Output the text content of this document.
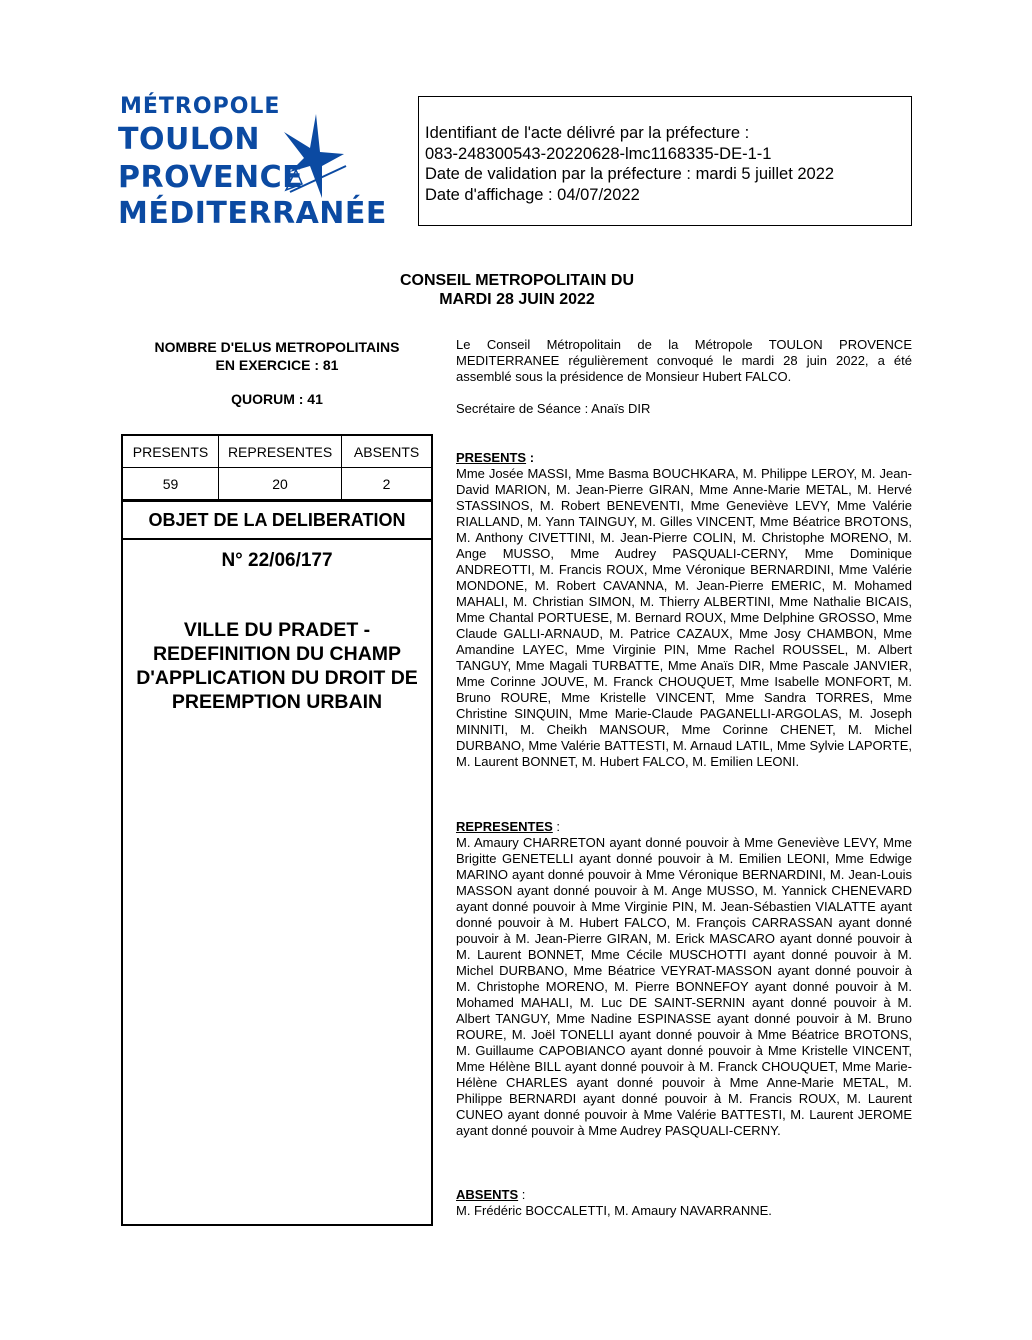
MÉTROPOLE
TOULON
PROVENCE
MÉDITERRANÉE
Identifiant de l'acte délivré par la préfecture :
083-248300543-20220628-lmc1168335-DE-1-1
Date de validation par la préfecture : mardi 5 juillet 2022
Date d'affichage : 04/07/2022
CONSEIL METROPOLITAIN DU
MARDI 28 JUIN 2022
NOMBRE D'ELUS METROPOLITAINS
EN EXERCICE : 81
QUORUM : 41
PRESENTS	REPRESENTES	ABSENTS
59	20	2
OBJET DE LA DELIBERATION
N° 22/06/177
VILLE DU PRADET - REDEFINITION DU CHAMP D'APPLICATION DU DROIT DE PREEMPTION URBAIN
Le Conseil Métropolitain de la Métropole TOULON PROVENCE MEDITERRANEE régulièrement convoqué le mardi 28 juin 2022, a été assemblé sous la présidence de Monsieur Hubert FALCO.
Secrétaire de Séance : Anaïs DIR
PRESENTS :
Mme Josée MASSI, Mme Basma BOUCHKARA, M. Philippe LEROY, M. Jean-David MARION, M. Jean-Pierre GIRAN, Mme Anne-Marie METAL, M. Hervé STASSINOS, M. Robert BENEVENTI, Mme Geneviève LEVY, Mme Valérie RIALLAND, M. Yann TAINGUY, M. Gilles VINCENT, Mme Béatrice BROTONS, M. Anthony CIVETTINI, M. Jean-Pierre COLIN, M. Christophe MORENO, M. Ange MUSSO, Mme Audrey PASQUALI-CERNY, Mme Dominique ANDREOTTI, M. Francis ROUX, Mme Véronique BERNARDINI, Mme Valérie MONDONE, M. Robert CAVANNA, M. Jean-Pierre EMERIC, M. Mohamed MAHALI, M. Christian SIMON, M. Thierry ALBERTINI, Mme Nathalie BICAIS, Mme Chantal PORTUESE, M. Bernard ROUX, Mme Delphine GROSSO, Mme Claude GALLI-ARNAUD, M. Patrice CAZAUX, Mme Josy CHAMBON, Mme Amandine LAYEC, Mme Virginie PIN, Mme Rachel ROUSSEL, M. Albert TANGUY, Mme Magali TURBATTE, Mme Anaïs DIR, Mme Pascale JANVIER, Mme Corinne JOUVE, M. Franck CHOUQUET, Mme Isabelle MONFORT, M. Bruno ROURE, Mme Kristelle VINCENT, Mme Sandra TORRES, Mme Christine SINQUIN, Mme Marie-Claude PAGANELLI-ARGOLAS, M. Joseph MINNITI, M. Cheikh MANSOUR, Mme Corinne CHENET, M. Michel DURBANO, Mme Valérie BATTESTI, M. Arnaud LATIL, Mme Sylvie LAPORTE, M. Laurent BONNET, M. Hubert FALCO, M. Emilien LEONI.
REPRESENTES :
M. Amaury CHARRETON ayant donné pouvoir à Mme Geneviève LEVY, Mme Brigitte GENETELLI ayant donné pouvoir à M. Emilien LEONI, Mme Edwige MARINO ayant donné pouvoir à Mme Véronique BERNARDINI, M. Jean-Louis MASSON ayant donné pouvoir à M. Ange MUSSO, M. Yannick CHENEVARD ayant donné pouvoir à Mme Virginie PIN, M. Jean-Sébastien VIALATTE ayant donné pouvoir à M. Hubert FALCO, M. François CARRASSAN ayant donné pouvoir à M. Jean-Pierre GIRAN, M. Erick MASCARO ayant donné pouvoir à M. Laurent BONNET, Mme Cécile MUSCHOTTI ayant donné pouvoir à M. Michel DURBANO, Mme Béatrice VEYRAT-MASSON ayant donné pouvoir à M. Christophe MORENO, M. Pierre BONNEFOY ayant donné pouvoir à M. Mohamed MAHALI, M. Luc DE SAINT-SERNIN ayant donné pouvoir à M. Albert TANGUY, Mme Nadine ESPINASSE ayant donné pouvoir à M. Bruno ROURE, M. Joël TONELLI ayant donné pouvoir à Mme Béatrice BROTONS, M. Guillaume CAPOBIANCO ayant donné pouvoir à Mme Kristelle VINCENT, Mme Hélène BILL ayant donné pouvoir à M. Franck CHOUQUET, Mme Marie-Hélène CHARLES ayant donné pouvoir à Mme Anne-Marie METAL, M. Philippe BERNARDI ayant donné pouvoir à M. Francis ROUX, M. Laurent CUNEO ayant donné pouvoir à Mme Valérie BATTESTI, M. Laurent JEROME ayant donné pouvoir à Mme Audrey PASQUALI-CERNY.
ABSENTS :
M. Frédéric BOCCALETTI, M. Amaury NAVARRANNE.
